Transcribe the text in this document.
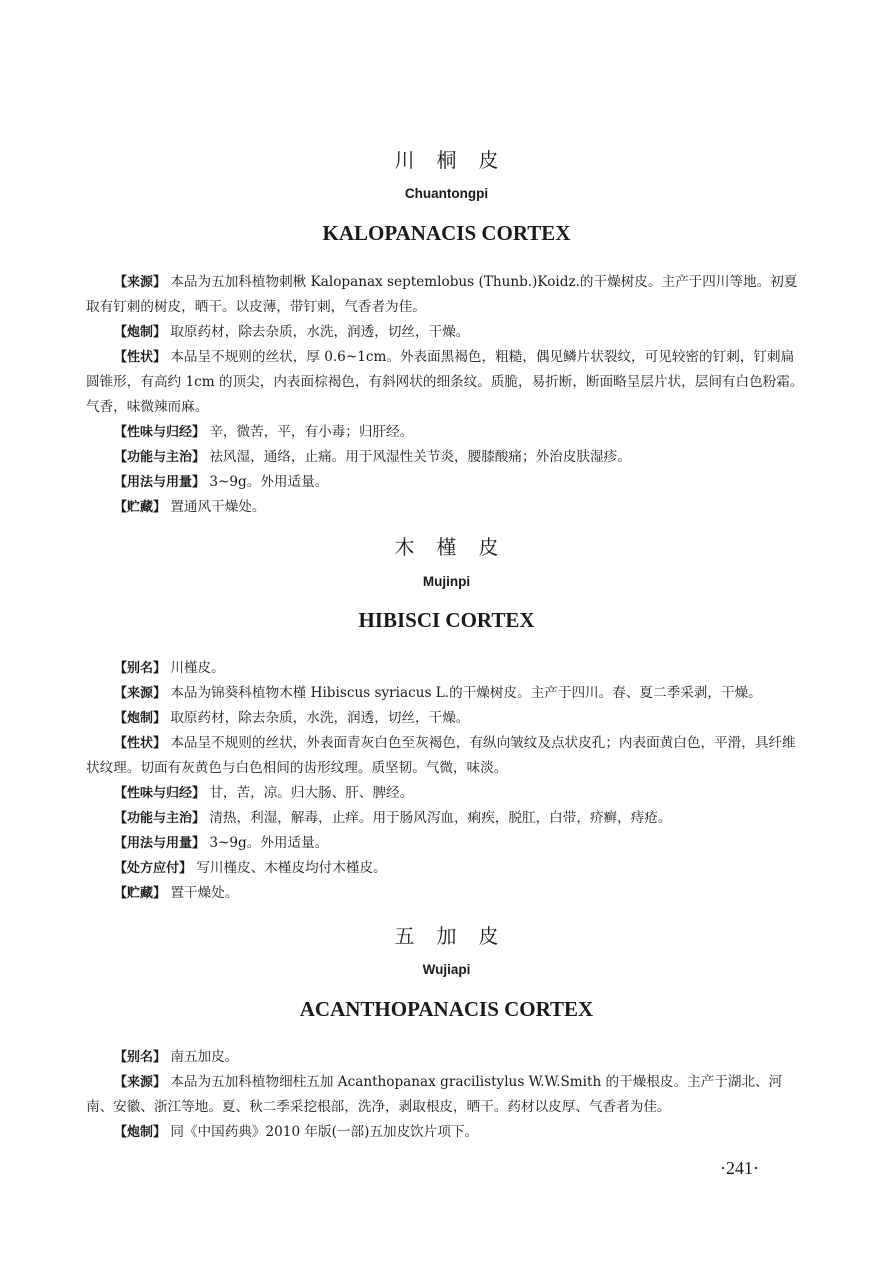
川桐皮
Chuantongpi
KALOPANACIS CORTEX

【来源】 本品为五加科植物刺楸 Kalopanax septemlobus (Thunb.)Koidz.的干燥树皮。主产于四川等地。初夏取有钉刺的树皮，晒干。以皮薄，带钉刺，气香者为佳。

【炮制】 取原药材，除去杂质，水洗，润透，切丝，干燥。

【性状】 本品呈不规则的丝状，厚 0.6~1cm。外表面黑褐色，粗糙，偶见鳞片状裂纹，可见较密的钉刺，钉刺扁圆锥形，有高约 1cm 的顶尖，内表面棕褐色，有斜网状的细条纹。质脆，易折断，断面略呈层片状，层间有白色粉霜。气香，味微辣而麻。

【性味与归经】 辛，微苦，平，有小毒；归肝经。

【功能与主治】 祛风湿，通络，止痛。用于风湿性关节炎，腰膝酸痛；外治皮肤湿疹。

【用法与用量】 3~9g。外用适量。

【贮藏】 置通风干燥处。

木槿皮
Mujinpi
HIBISCI CORTEX

【别名】 川槿皮。

【来源】 本品为锦葵科植物木槿 Hibiscus syriacus L.的干燥树皮。主产于四川。春、夏二季采剥，干燥。

【炮制】 取原药材，除去杂质，水洗，润透，切丝，干燥。

【性状】 本品呈不规则的丝状，外表面青灰白色至灰褐色，有纵向皱纹及点状皮孔；内表面黄白色，平滑，具纤维状纹理。切面有灰黄色与白色相间的齿形纹理。质坚韧。气微，味淡。

【性味与归经】 甘，苦，凉。归大肠、肝、脾经。

【功能与主治】 清热，利湿，解毒，止痒。用于肠风泻血，痢疾，脱肛，白带，疥癣，痔疮。

【用法与用量】 3~9g。外用适量。

【处方应付】 写川槿皮、木槿皮均付木槿皮。

【贮藏】 置干燥处。

五加皮
Wujiapi
ACANTHOPANACIS CORTEX

【别名】 南五加皮。

【来源】 本品为五加科植物细柱五加 Acanthopanax gracilistylus W.W.Smith 的干燥根皮。主产于湖北、河南、安徽、浙江等地。夏、秋二季采挖根部，洗净，剥取根皮，晒干。药材以皮厚、气香者为佳。

【炮制】 同《中国药典》2010 年版(一部)五加皮饮片项下。

·241·
